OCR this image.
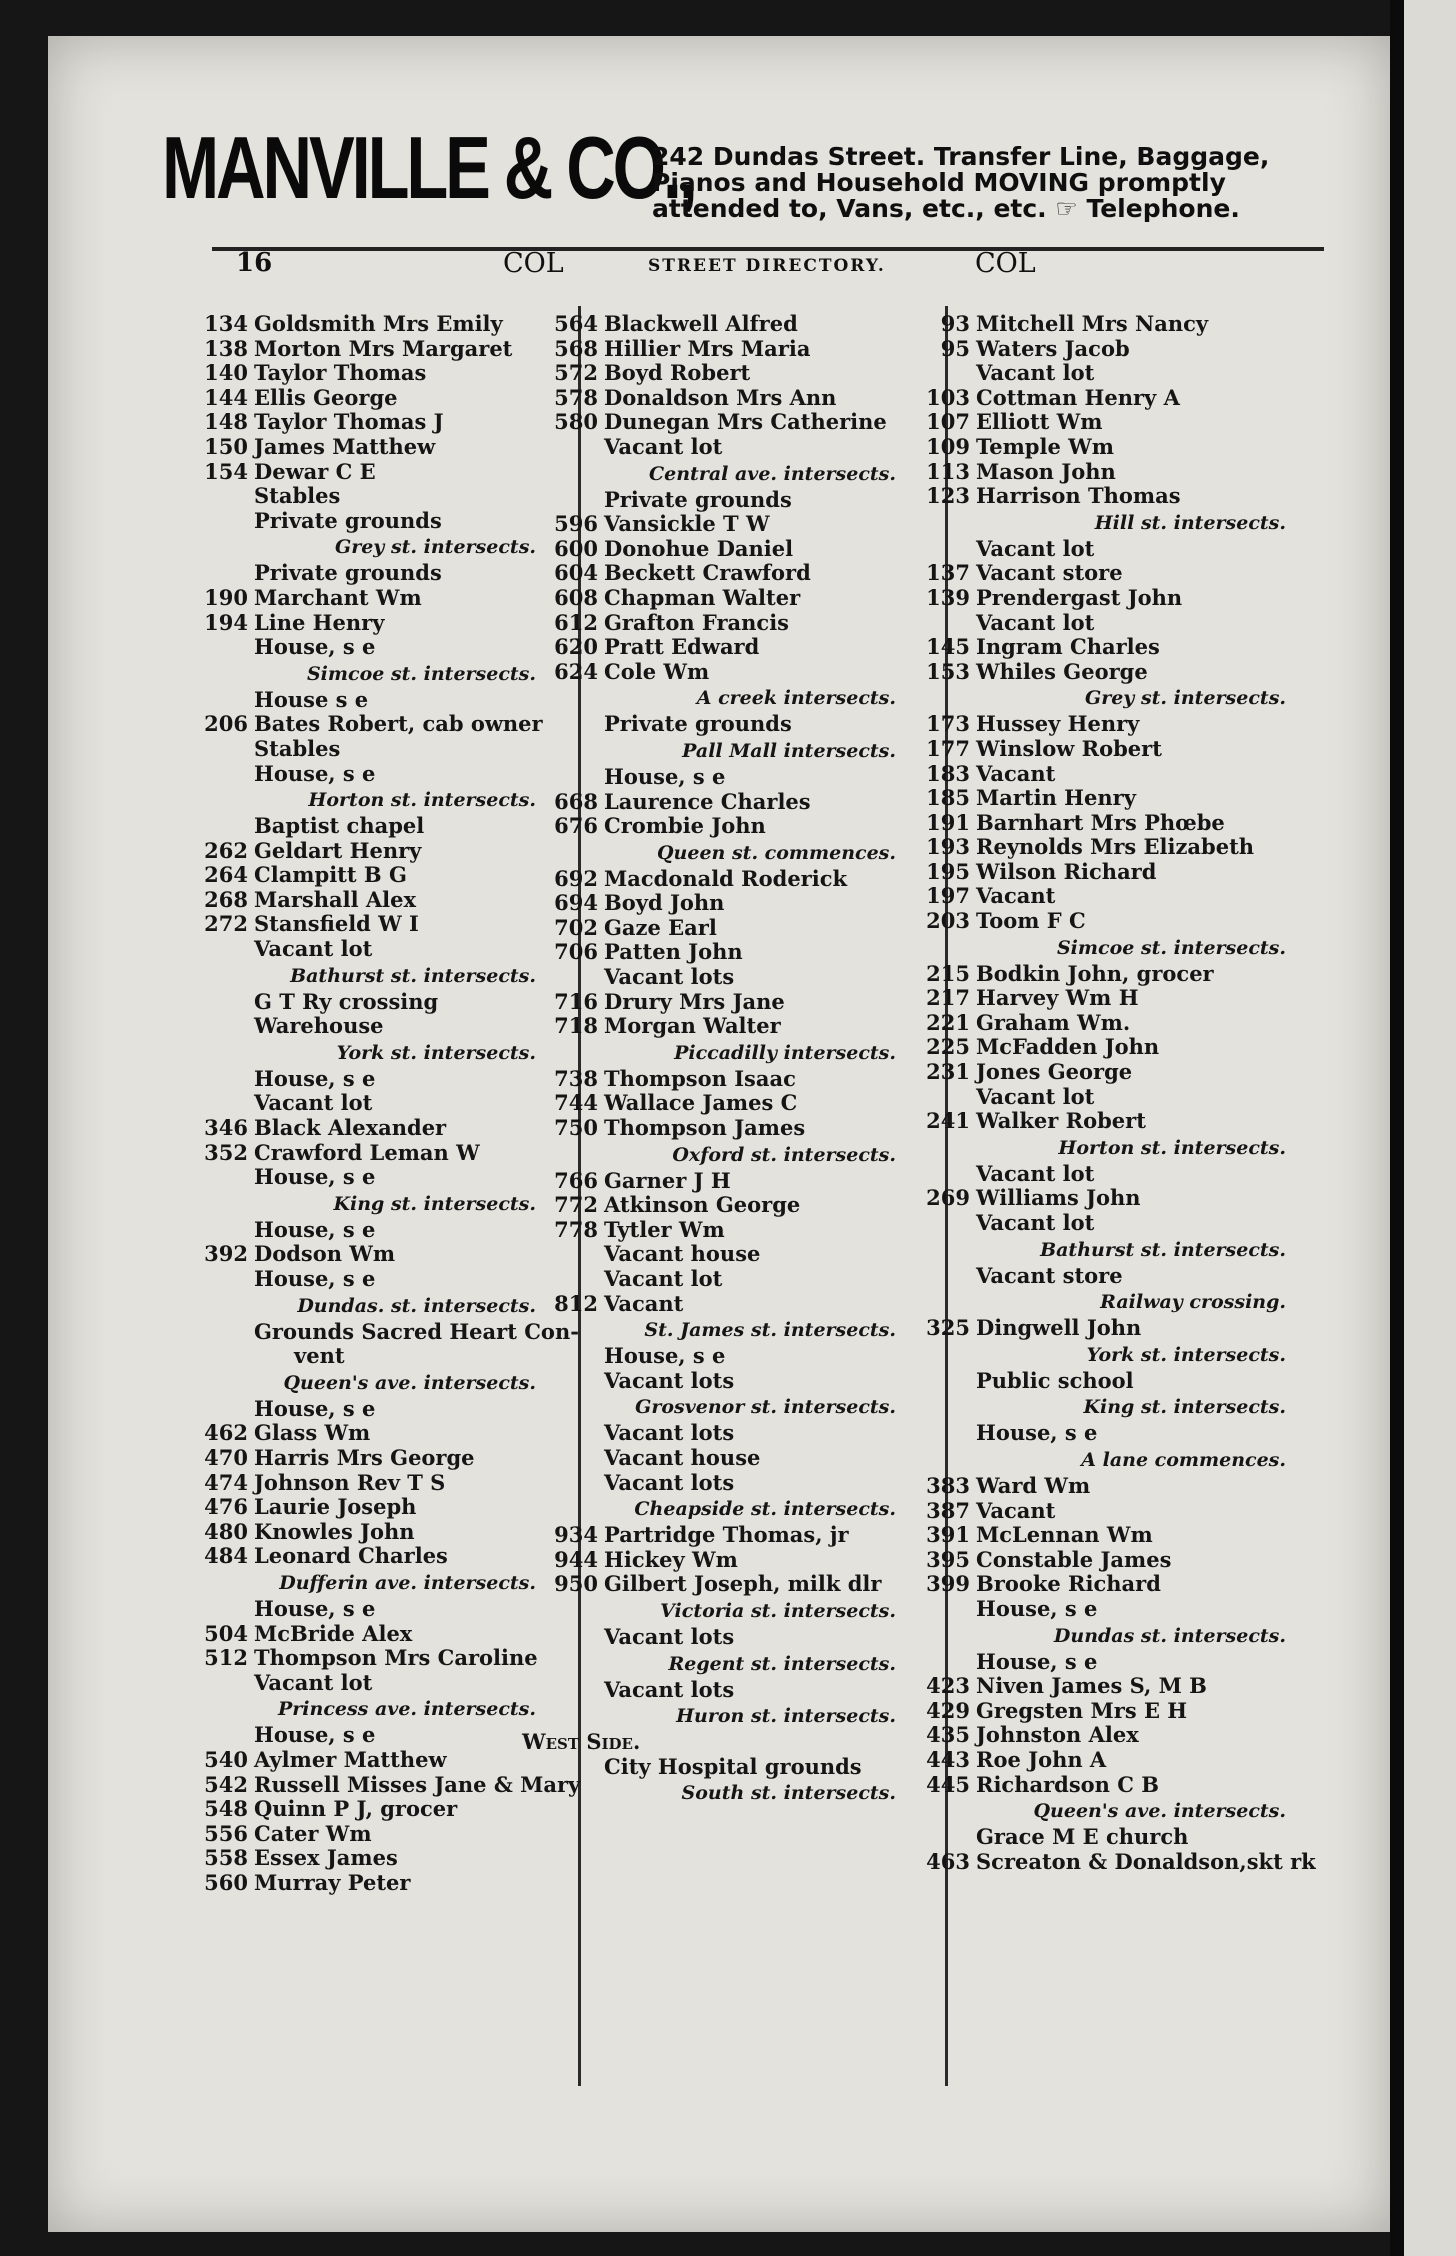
MANVILLE & CO.,
242 Dundas Street. Transfer Line, Baggage,
Pianos and Household MOVING promptly
attended to, Vans, etc., etc. ☞ Telephone.
16	COL	STREET DIRECTORY.	COL
134 Goldsmith Mrs Emily
138 Morton Mrs Margaret
140 Taylor Thomas
144 Ellis George
148 Taylor Thomas J
150 James Matthew
154 Dewar C E
Stables
Private grounds
Grey st. intersects.
Private grounds
190 Marchant Wm
194 Line Henry
House, s e
Simcoe st. intersects.
House s e
206 Bates Robert, cab owner
Stables
House, s e
Horton st. intersects.
Baptist chapel
262 Geldart Henry
264 Clampitt B G
268 Marshall Alex
272 Stansfield W I
Vacant lot
Bathurst st. intersects.
G T Ry crossing
Warehouse
York st. intersects.
House, s e
Vacant lot
346 Black Alexander
352 Crawford Leman W
House, s e
King st. intersects.
House, s e
392 Dodson Wm
House, s e
Dundas. st. intersects.
Grounds Sacred Heart Con-
vent
Queen's ave. intersects.
House, s e
462 Glass Wm
470 Harris Mrs George
474 Johnson Rev T S
476 Laurie Joseph
480 Knowles John
484 Leonard Charles
Dufferin ave. intersects.
House, s e
504 McBride Alex
512 Thompson Mrs Caroline
Vacant lot
Princess ave. intersects.
House, s e
540 Aylmer Matthew
542 Russell Misses Jane & Mary
548 Quinn P J, grocer
556 Cater Wm
558 Essex James
560 Murray Peter
564 Blackwell Alfred
568 Hillier Mrs Maria
572 Boyd Robert
578 Donaldson Mrs Ann
580 Dunegan Mrs Catherine
Vacant lot
Central ave. intersects.
Private grounds
596 Vansickle T W
600 Donohue Daniel
604 Beckett Crawford
608 Chapman Walter
612 Grafton Francis
620 Pratt Edward
624 Cole Wm
A creek intersects.
Private grounds
Pall Mall intersects.
House, s e
668 Laurence Charles
676 Crombie John
Queen st. commences.
692 Macdonald Roderick
694 Boyd John
702 Gaze Earl
706 Patten John
Vacant lots
716 Drury Mrs Jane
718 Morgan Walter
Piccadilly intersects.
738 Thompson Isaac
744 Wallace James C
750 Thompson James
Oxford st. intersects.
766 Garner J H
772 Atkinson George
778 Tytler Wm
Vacant house
Vacant lot
812 Vacant
St. James st. intersects.
House, s e
Vacant lots
Grosvenor st. intersects.
Vacant lots
Vacant house
Vacant lots
Cheapside st. intersects.
934 Partridge Thomas, jr
944 Hickey Wm
950 Gilbert Joseph, milk dlr
Victoria st. intersects.
Vacant lots
Regent st. intersects.
Vacant lots
Huron st. intersects.
West Side.
City Hospital grounds
South st. intersects.
93 Mitchell Mrs Nancy
95 Waters Jacob
Vacant lot
103 Cottman Henry A
107 Elliott Wm
109 Temple Wm
113 Mason John
123 Harrison Thomas
Hill st. intersects.
Vacant lot
137 Vacant store
139 Prendergast John
Vacant lot
145 Ingram Charles
153 Whiles George
Grey st. intersects.
173 Hussey Henry
177 Winslow Robert
183 Vacant
185 Martin Henry
191 Barnhart Mrs Phœbe
193 Reynolds Mrs Elizabeth
195 Wilson Richard
197 Vacant
203 Toom F C
Simcoe st. intersects.
215 Bodkin John, grocer
217 Harvey Wm H
221 Graham Wm.
225 McFadden John
231 Jones George
Vacant lot
241 Walker Robert
Horton st. intersects.
Vacant lot
269 Williams John
Vacant lot
Bathurst st. intersects.
Vacant store
Railway crossing.
325 Dingwell John
York st. intersects.
Public school
King st. intersects.
House, s e
A lane commences.
383 Ward Wm
387 Vacant
391 McLennan Wm
395 Constable James
399 Brooke Richard
House, s e
Dundas st. intersects.
House, s e
423 Niven James S, M B
429 Gregsten Mrs E H
435 Johnston Alex
443 Roe John A
445 Richardson C B
Queen's ave. intersects.
Grace M E church
463 Screaton & Donaldson,skt rk
